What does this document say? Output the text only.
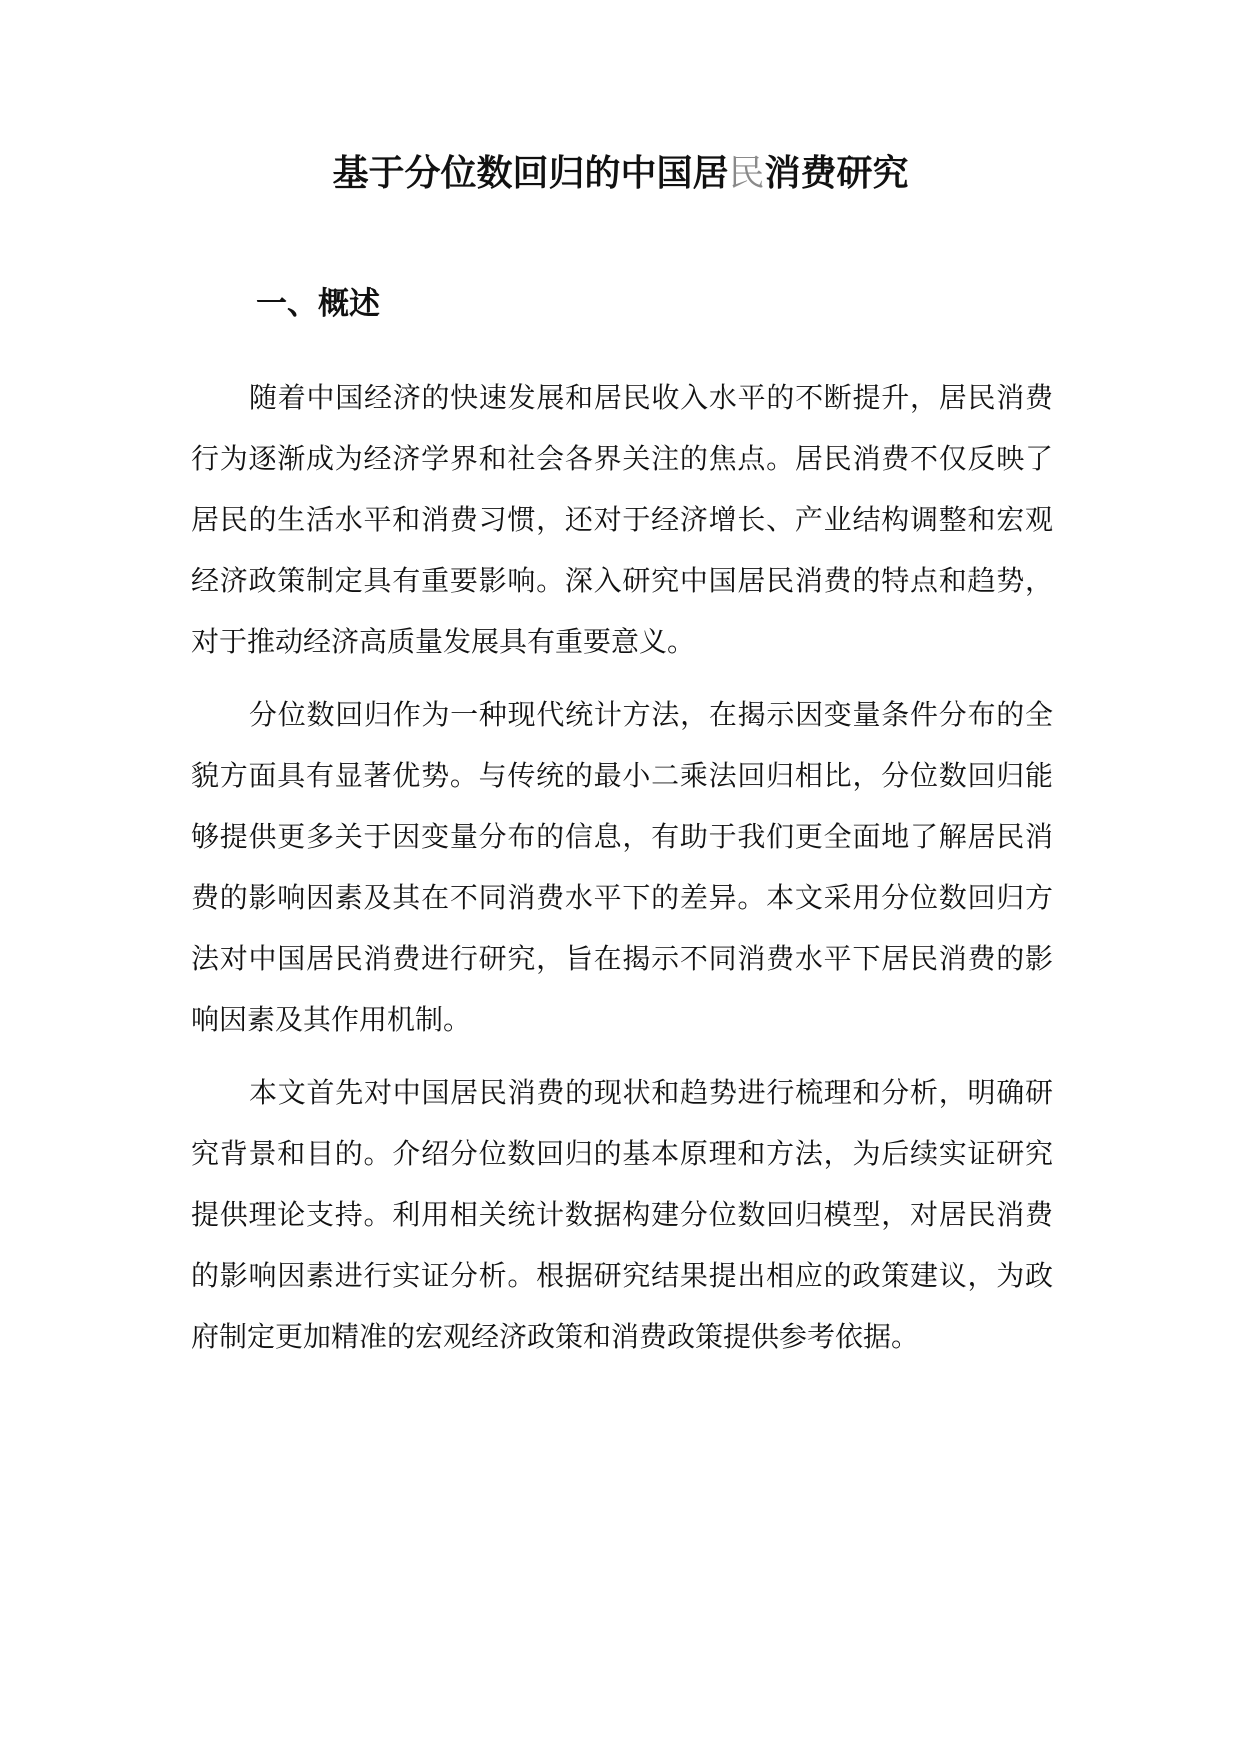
基于分位数回归的中国居民消费研究
一、概述

随着中国经济的快速发展和居民收入水平的不断提升，居民消费行为逐渐成为经济学界和社会各界关注的焦点。居民消费不仅反映了居民的生活水平和消费习惯，还对于经济增长、产业结构调整和宏观经济政策制定具有重要影响。深入研究中国居民消费的特点和趋势，对于推动经济高质量发展具有重要意义。

分位数回归作为一种现代统计方法，在揭示因变量条件分布的全貌方面具有显著优势。与传统的最小二乘法回归相比，分位数回归能够提供更多关于因变量分布的信息，有助于我们更全面地了解居民消费的影响因素及其在不同消费水平下的差异。本文采用分位数回归方法对中国居民消费进行研究，旨在揭示不同消费水平下居民消费的影响因素及其作用机制。

本文首先对中国居民消费的现状和趋势进行梳理和分析，明确研究背景和目的。介绍分位数回归的基本原理和方法，为后续实证研究提供理论支持。利用相关统计数据构建分位数回归模型，对居民消费的影响因素进行实证分析。根据研究结果提出相应的政策建议，为政府制定更加精准的宏观经济政策和消费政策提供参考依据。
